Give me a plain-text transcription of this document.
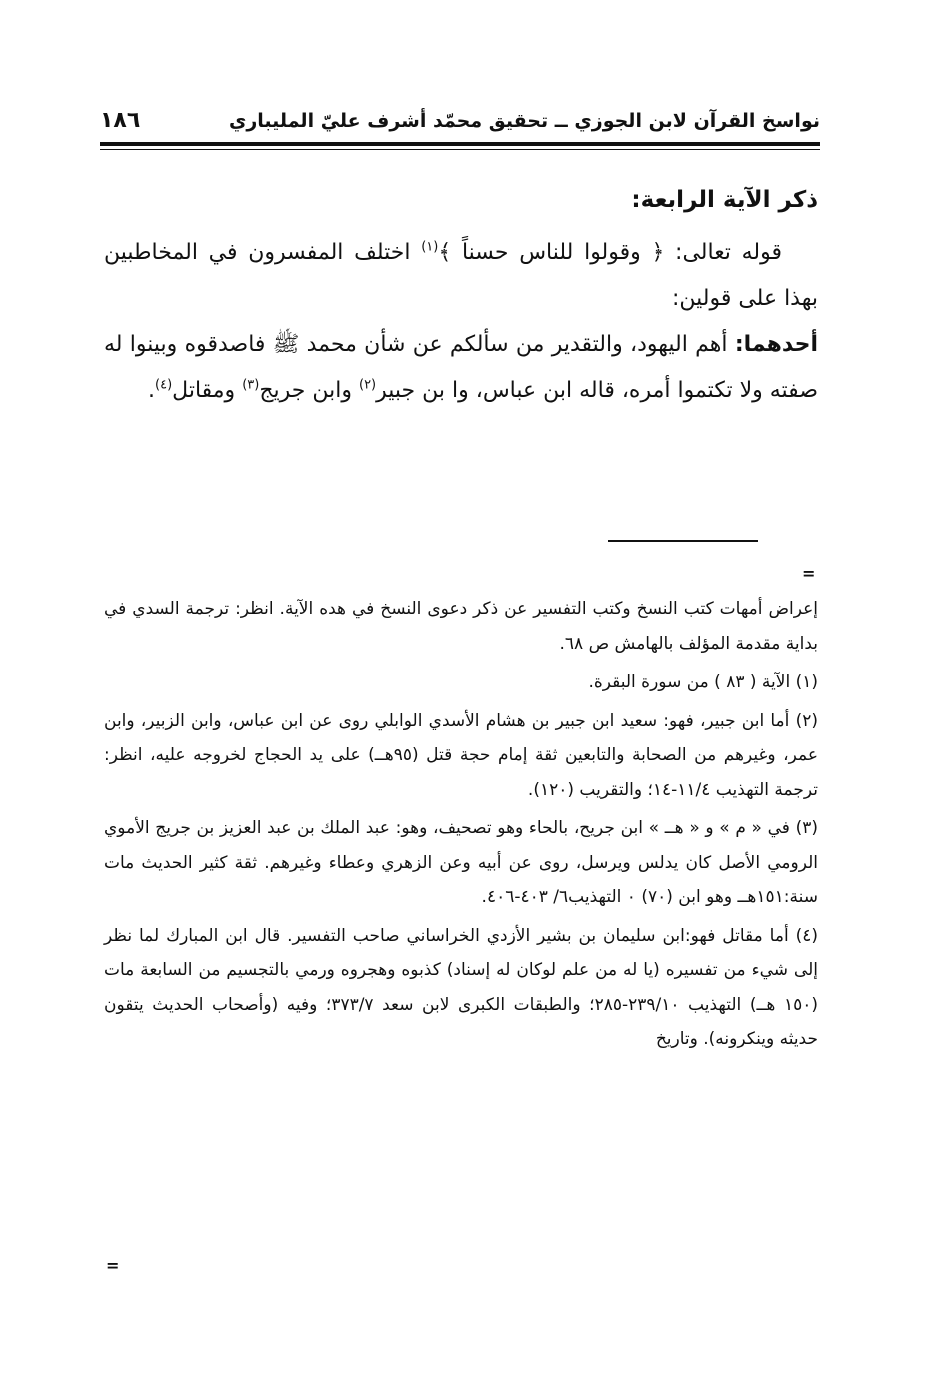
نواسخ القرآن لابن الجوزي ــ تحقيق محمّد أشرف عليّ المليباري
١٨٦
ذكر الآية الرابعة:

قوله تعالى: ﴿ وقولوا للناس حسناً ﴾$^{(١)}$ اختلف المفسرون في المخاطبين بهذا على قولين:

أحدهما: أهم اليهود، والتقدير من سألكم عن شأن محمد ﷺ فاصدقوه وبينوا له صفته ولا تكتموا أمره، قاله ابن عباس، وا بن جبير$^{(٢)}$ وابن جريج$^{(٣)}$ ومقاتل$^{(٤)}$.

=

إعراض أمهات كتب النسخ وكتب التفسير عن ذكر دعوى النسخ في هده الآية. انظر: ترجمة السدي في بداية مقدمة المؤلف بالهامش ص ٦٨.

(١) الآية ( ٨٣ ) من سورة البقرة.

(٢) أما ابن جبير، فهو: سعيد ابن جبير بن هشام الأسدي الوابلي روى عن ابن عباس، وابن الزبير، وابن عمر، وغيرهم من الصحابة والتابعين ثقة إمام حجة قتل (٩٥هــ) على يد الحجاج لخروجه عليه، انظر: ترجمة التهذيب ١١/٤-١٤؛ والتقريب (١٢٠).

(٣) في « م » و « هــ » ابن جريح، بالحاء وهو تصحيف، وهو: عبد الملك بن عبد العزيز بن جريج الأموي الرومي الأصل كان يدلس ويرسل، روى عن أبيه وعن الزهري وعطاء وغيرهم. ثقة كثير الحديث مات سنة:١٥١هــ وهو ابن (٧٠) ٠ التهذيب٦/ ٤٠٣-٤٠٦.

(٤) أما مقاتل فهو:ابن سليمان بن بشير الأزدي الخراساني صاحب التفسير. قال ابن المبارك لما نظر إلى شيء من تفسيره (يا له من علم لوكان له إسناد) كذبوه وهجروه ورمي بالتجسيم من السابعة مات (١٥٠ هــ) التهذيب ٢٣٩/١٠-٢٨٥؛ والطبقات الكبرى لابن سعد ٣٧٣/٧؛ وفيه (وأصحاب الحديث يتقون حديثه وينكرونه). وتاريخ

=
